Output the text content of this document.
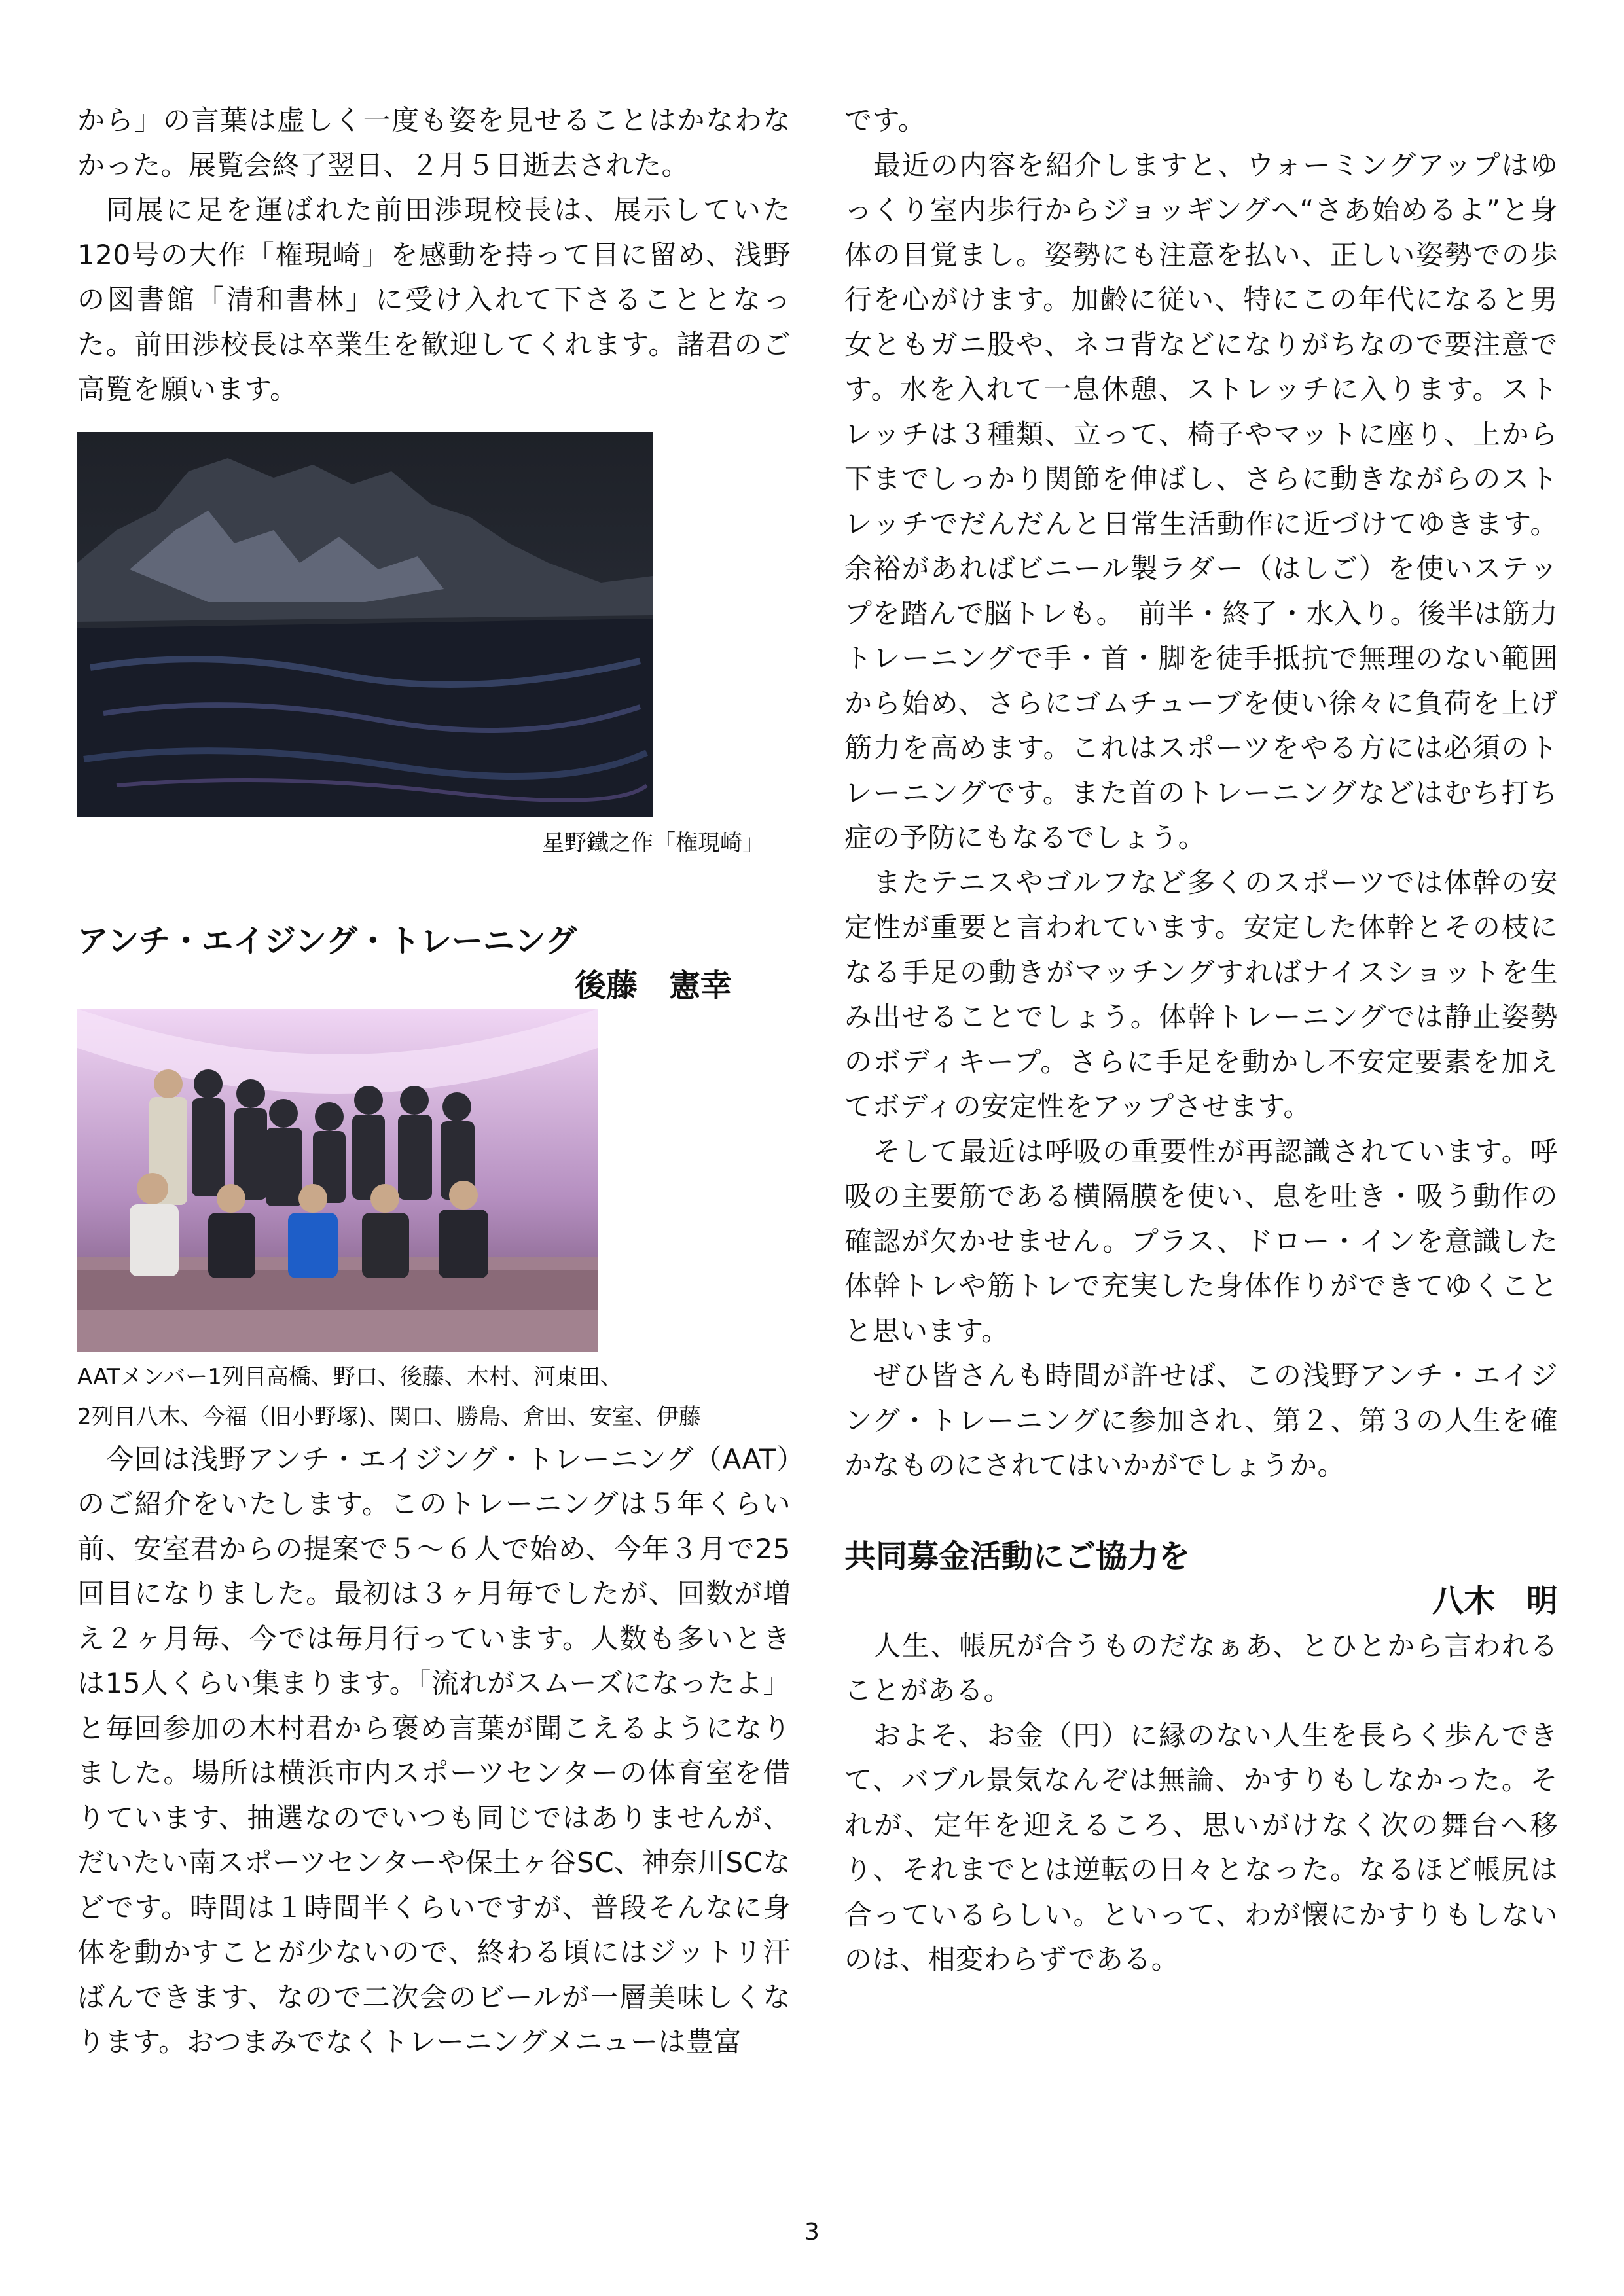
から」の言葉は虚しく一度も姿を見せることはかなわなかった。展覧会終了翌日、２月５日逝去された。

同展に足を運ばれた前田渉現校長は、展示していた120号の大作「権現崎」を感動を持って目に留め、浅野の図書館「清和書林」に受け入れて下さることとなった。前田渉校長は卒業生を歓迎してくれます。諸君のご高覧を願います。

星野鐵之作「権現崎」

アンチ・エイジング・トレーニング

後藤　憲幸

AATメンバー1列目高橋、野口、後藤、木村、河東田、

2列目八木、今福（旧小野塚)、関口、勝島、倉田、安室、伊藤

今回は浅野アンチ・エイジング・トレーニング（AAT）のご紹介をいたします。このトレーニングは５年くらい前、安室君からの提案で５〜６人で始め、今年３月で25回目になりました。最初は３ヶ月毎でしたが、回数が増え２ヶ月毎、今では毎月行っています。人数も多いときは15人くらい集まります。「流れがスムーズになったよ」と毎回参加の木村君から褒め言葉が聞こえるようになりました。場所は横浜市内スポーツセンターの体育室を借りています、抽選なのでいつも同じではありませんが、だいたい南スポーツセンターや保土ヶ谷SC、神奈川SCなどです。時間は１時間半くらいですが、普段そんなに身体を動かすことが少ないので、終わる頃にはジットリ汗ばんできます、なので二次会のビールが一層美味しくなります。おつまみでなくトレーニングメニューは豊富

です。

最近の内容を紹介しますと、ウォーミングアップはゆっくり室内歩行からジョッギングへ“さあ始めるよ”と身体の目覚まし。姿勢にも注意を払い、正しい姿勢での歩行を心がけます。加齢に従い、特にこの年代になると男女ともガニ股や、ネコ背などになりがちなので要注意です。水を入れて一息休憩、ストレッチに入ります。ストレッチは３種類、立って、椅子やマットに座り、上から下までしっかり関節を伸ばし、さらに動きながらのストレッチでだんだんと日常生活動作に近づけてゆきます。余裕があればビニール製ラダー（はしご）を使いステップを踏んで脳トレも。　前半・終了・水入り。後半は筋力トレーニングで手・首・脚を徒手抵抗で無理のない範囲から始め、さらにゴムチューブを使い徐々に負荷を上げ筋力を高めます。これはスポーツをやる方には必須のトレーニングです。また首のトレーニングなどはむち打ち症の予防にもなるでしょう。

またテニスやゴルフなど多くのスポーツでは体幹の安定性が重要と言われています。安定した体幹とその枝になる手足の動きがマッチングすればナイスショットを生み出せることでしょう。体幹トレーニングでは静止姿勢のボディキープ。さらに手足を動かし不安定要素を加えてボディの安定性をアップさせます。

そして最近は呼吸の重要性が再認識されています。呼吸の主要筋である横隔膜を使い、息を吐き・吸う動作の確認が欠かせません。プラス、ドロー・インを意識した体幹トレや筋トレで充実した身体作りができてゆくことと思います。

ぜひ皆さんも時間が許せば、この浅野アンチ・エイジング・トレーニングに参加され、第２、第３の人生を確かなものにされてはいかがでしょうか。

共同募金活動にご協力を

八木　明

人生、帳尻が合うものだなぁあ、とひとから言われることがある。

およそ、お金（円）に縁のない人生を長らく歩んできて、バブル景気なんぞは無論、かすりもしなかった。それが、定年を迎えるころ、思いがけなく次の舞台へ移り、それまでとは逆転の日々となった。なるほど帳尻は合っているらしい。といって、わが懐にかすりもしないのは、相変わらずである。

3
